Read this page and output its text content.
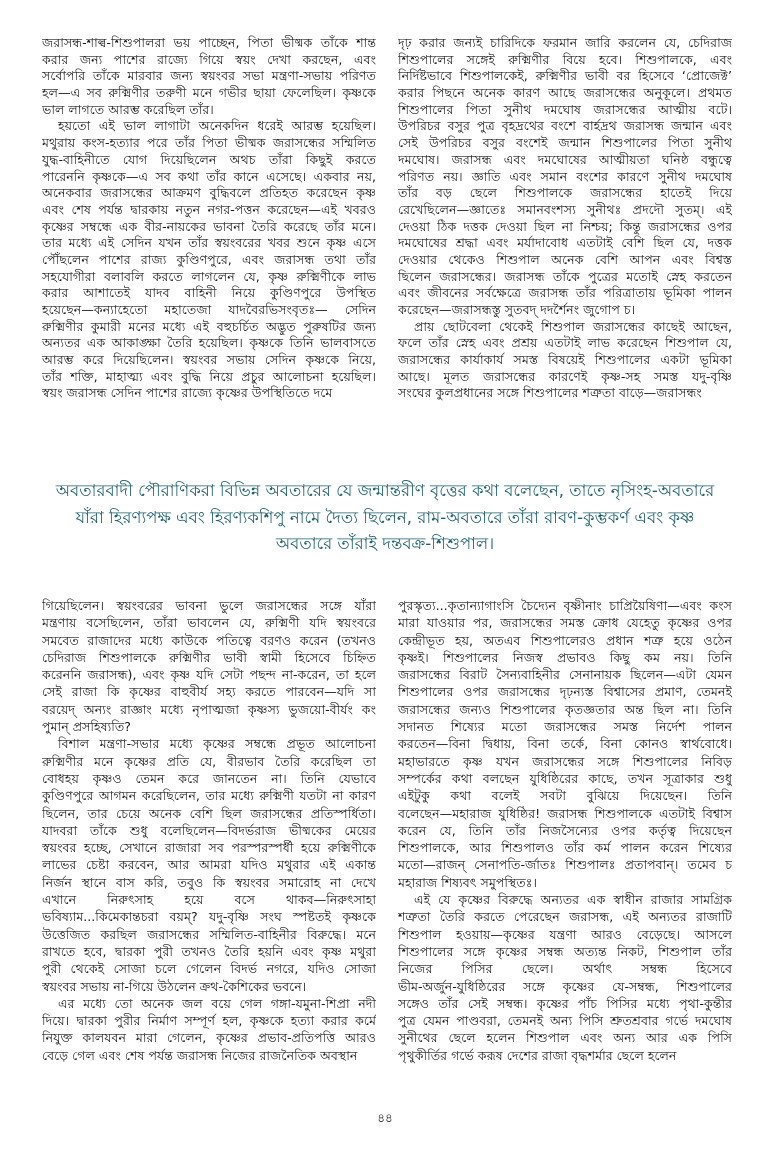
জরাসন্ধ-শাল্ব-শিশুপালরা ভয় পাচ্ছেন, পিতা ভীষ্মক তাঁকে শান্ত
করার জন্য পাশের রাজ্যে গিয়ে স্বয়ং দেখা করছেন, এবং
সর্বোপরি তাঁকে মারবার জন্য স্বয়ংবর সভা মন্ত্রণা-সভায় পরিণত
হল—এ সব রুক্মিণীর তরুণী মনে গভীর ছায়া ফেলেছিল। কৃষ্ণকে
ভাল লাগতে আরম্ভ করেছিল তাঁর।
হয়তো এই ভাল লাগাটা অনেকদিন ধরেই আরম্ভ হয়েছিল।
মথুরায় কংস-হত্যার পরে তাঁর পিতা ভীষ্মক জরাসন্ধের সম্মিলিত
যুদ্ধ-বাহিনীতে যোগ দিয়েছিলেন অথচ তাঁরা কিছুই করতে
পারেননি কৃষ্ণকে—এ সব কথা তাঁর কানে এসেছে। একবার নয়,
অনেকবার জরাসন্ধের আক্রমণ বুদ্ধিবলে প্রতিহত করেছেন কৃষ্ণ
এবং শেষ পর্যন্ত দ্বারকায় নতুন নগর-পত্তন করেছেন—এই খবরও
কৃষ্ণের সম্বন্ধে এক বীর-নায়কের ভাবনা তৈরি করেছে তাঁর মনে।
তার মধ্যে এই সেদিন যখন তাঁর স্বয়ংবরের খবর শুনে কৃষ্ণ এসে
পৌঁছলেন পাশের রাজ্য কুণ্ডিণপুরে, এবং জরাসন্ধ তথা তাঁর
সহযোগীরা বলাবলি করতে লাগলেন যে, কৃষ্ণ রুক্মিণীকে লাভ
করার আশাতেই যাদব বাহিনী নিয়ে কুণ্ডিণপুরে উপস্থিত
হয়েছেন—কন্যাহেতো মহাতেজা যাদবৈরভিসংবৃতঃ— সেদিন
রুক্মিণীর কুমারী মনের মধ্যে এই বহুচর্চিত অদ্ভুত পুরুষটির জন্য
অন্যতর এক আকাঙ্ক্ষা তৈরি হয়েছিল। কৃষ্ণকে তিনি ভালবাসতে
আরম্ভ করে দিয়েছিলেন। স্বয়ংবর সভায় সেদিন কৃষ্ণকে নিয়ে,
তাঁর শক্তি, মাহাত্ম্য এবং বুদ্ধি নিয়ে প্রচুর আলোচনা হয়েছিল।
স্বয়ং জরাসন্ধ সেদিন পাশের রাজ্যে কৃষ্ণের উপস্থিতিতে দমে
দৃঢ় করার জন্যই চারিদিকে ফরমান জারি করলেন যে, চেদিরাজ
শিশুপালের সঙ্গেই রুক্মিণীর বিয়ে হবে। শিশুপালকে, এবং
নির্দিষ্টভাবে শিশুপালকেই, রুক্মিণীর ভাবী বর হিসেবে ‘প্রোজেক্ট’
করার পিছনে অনেক কারণ আছে জরাসন্ধের অনুকূলে। প্রথমত
শিশুপালের পিতা সুনীথ দমঘোষ জরাসন্ধের আত্মীয় বটে।
উপরিচর বসুর পুত্র বৃহদ্রথের বংশে বার্হদ্রথ জরাসন্ধ জন্মান এবং
সেই উপরিচর বসুর বংশেই জন্মান শিশুপালের পিতা সুনীথ
দমঘোষ। জরাসন্ধ এবং দমঘোষের আত্মীয়তা ঘনিষ্ঠ বন্ধুত্বে
পরিণত নয়। জ্ঞাতি এবং সমান বংশের কারণে সুনীথ দমঘোষ
তাঁর বড় ছেলে শিশুপালকে জরাসন্ধের হাতেই দিয়ে
রেখেছিলেন—জ্ঞাতেঃ সমানবংশস্য সুনীথঃ প্রদদৌ সুতম্। এই
দেওয়া ঠিক দত্তক দেওয়া ছিল না নিশ্চয়; কিন্তু জরাসন্ধের ওপর
দমঘোষের শ্রদ্ধা এবং মর্যাদাবোধ এতটাই বেশি ছিল যে, দত্তক
দেওয়ার থেকেও শিশুপাল অনেক বেশি আপন এবং বিশ্বস্ত
ছিলেন জরাসন্ধের। জরাসন্ধ তাঁকে পুত্রের মতোই স্নেহ করতেন
এবং জীবনের সর্বক্ষেত্রে জরাসন্ধ তাঁর পরিত্রাতায় ভূমিকা পালন
করেছেন—জরাসন্ধস্তু সুতবদ্ দদর্শৈনং জুগোপ চ।
প্রায় ছোটবেলা থেকেই শিশুপাল জরাসন্ধের কাছেই আছেন,
ফলে তাঁর স্নেহ এবং প্রশ্রয় এতটাই লাভ করেছেন শিশুপাল যে,
জরাসন্ধের কার্যাকার্য সমস্ত বিষয়েই শিশুপালের একটা ভূমিকা
আছে। মূলত জরাসন্ধের কারণেই কৃষ্ণ-সহ সমস্ত যদু-বৃষ্ণি
সংঘের কুলপ্রধানের সঙ্গে শিশুপালের শত্রুতা বাড়ে—জরাসন্ধং
অবতারবাদী পৌরাণিকরা বিভিন্ন অবতারের যে জন্মান্তরীণ বৃত্তের কথা বলেছেন, তাতে নৃসিংহ-অবতারে
যাঁরা হিরণ্যপক্ষ এবং হিরণ্যকশিপু নামে দৈত্য ছিলেন, রাম-অবতারে তাঁরা রাবণ-কুম্ভকর্ণ এবং কৃষ্ণ
অবতারে তাঁরাই দন্তবক্র-শিশুপাল।
গিয়েছিলেন। স্বয়ংবরের ভাবনা ভুলে জরাসন্ধের সঙ্গে যাঁরা
মন্ত্রণায় বসেছিলেন, তাঁরা ভাবলেন যে, রুক্মিণী যদি স্বয়ংবরে
সমবেত রাজাদের মধ্যে কাউকে পতিত্বে বরণও করেন (তখনও
চেদিরাজ শিশুপালকে রুক্মিণীর ভাবী স্বামী হিসেবে চিহ্নিত
করেননি জরাসন্ধ), এবং কৃষ্ণ যদি সেটা পছন্দ না-করেন, তা হলে
সেই রাজা কি কৃষ্ণের বাহুবীর্য সহ্য করতে পারবেন—যদি সা
বরয়েদ্ অন্যং রাজ্ঞাং মধ্যে নৃপাত্মজা কৃষ্ণস্য ভুজয়ো-বীর্যং কং
পুমান্ প্রসহিষ্যতি?
বিশাল মন্ত্রণা-সভার মধ্যে কৃষ্ণের সম্বন্ধে প্রভূত আলোচনা
রুক্মিণীর মনে কৃষ্ণের প্রতি যে, বীরভাব তৈরি করেছিল তা
বোধহয় কৃষ্ণও তেমন করে জানতেন না। তিনি যেভাবে
কুণ্ডিণপুরে আগমন করেছিলেন, তার মধ্যে রুক্মিণী যতটা না কারণ
ছিলেন, তার চেয়ে অনেক বেশি ছিল জরাসন্ধের প্রতিস্পর্ধিতা।
যাদবরা তাঁকে শুধু বলেছিলেন—বিদর্ভরাজ ভীষ্মকের মেয়ের
স্বয়ংবর হচ্ছে, সেখানে রাজারা সব পরস্পরস্পর্ধী হয়ে রুক্মিণীকে
লাভের চেষ্টা করবেন, আর আমরা যদিও মথুরার এই একান্ত
নির্জন স্থানে বাস করি, তবুও কি স্বয়ংবর সমারোহ না দেখে
এখানে নিরুৎসাহ হয়ে বসে থাকব—নিরুৎসাহা
ভবিষ্যাম...কিমেকান্তচরা বয়ম্? যদু-বৃষ্ণি সংঘ স্পষ্টতই কৃষ্ণকে
উত্তেজিত করছিল জরাসন্ধের সম্মিলিত-বাহিনীর বিরুদ্ধে। মনে
রাখতে হবে, দ্বারকা পুরী তখনও তৈরি হয়নি এবং কৃষ্ণ মথুরা
পুরী থেকেই সোজা চলে গেলেন বিদর্ভ নগরে, যদিও সোজা
স্বয়ংবর সভায় না-গিয়ে উঠলেন ক্রথ-কৈশিকের ভবনে।
এর মধ্যে তো অনেক জল বয়ে গেল গঙ্গা-যমুনা-শিপ্রা নদী
দিয়ে। দ্বারকা পুরীর নির্মাণ সম্পূর্ণ হল, কৃষ্ণকে হত্যা করার কর্মে
নিযুক্ত কালযবন মারা গেলেন, কৃষ্ণের প্রভাব-প্রতিপত্তি আরও
বেড়ে গেল এবং শেষ পর্যন্ত জরাসন্ধ নিজের রাজনৈতিক অবস্থান
পুরস্কৃত্য...কৃতান্যাগাংসি চৈদ্যেন বৃষ্ণীনাং চাপ্রিয়ৈষিণা—এবং কংস
মারা যাওয়ার পর, জরাসন্ধের সমস্ত ক্রোধ যেহেতু কৃষ্ণের ওপর
কেন্দ্রীভূত হয়, অতএব শিশুপালেরও প্রধান শত্রু হয়ে ওঠেন
কৃষ্ণই। শিশুপালের নিজস্ব প্রভাবও কিছু কম নয়। তিনি
জরাসন্ধের বিরাট সৈন্যবাহিনীর সেনানায়ক ছিলেন—এটা যেমন
শিশুপালের ওপর জরাসন্ধের দৃঢ়ন্যস্ত বিশ্বাসের প্রমাণ, তেমনই
জরাসন্ধের জন্যও শিশুপালের কৃতজ্ঞতার অন্ত ছিল না। তিনি
সদানত শিষ্যের মতো জরাসন্ধের সমস্ত নির্দেশ পালন
করতেন—বিনা দ্বিধায়, বিনা তর্কে, বিনা কোনও স্বার্থবোধে।
মহাভারতে কৃষ্ণ যখন জরাসন্ধের সঙ্গে শিশুপালের নিবিড়
সম্পর্কের কথা বলছেন যুধিষ্ঠিরের কাছে, তখন সূত্রাকার শুধু
এইটুকু কথা বলেই সবটা বুঝিয়ে দিয়েছেন। তিনি
বলেছেন—মহারাজ যুধিষ্ঠির! জরাসন্ধ শিশুপালকে এতটাই বিশ্বাস
করেন যে, তিনি তাঁর নিজসৈন্যের ওপর কর্তৃত্ব দিয়েছেন
শিশুপালকে, আর শিশুপালও তাঁর কর্ম পালন করেন শিষ্যের
মতো—রাজন্ সেনাপতি-র্জাতঃ শিশুপালঃ প্রতাপবান্। তমেব চ
মহারাজ শিষ্যবৎ সমুপস্থিতঃ।
এই যে কৃষ্ণের বিরুদ্ধে অন্যতর এক স্বাধীন রাজার সামগ্রিক
শত্রুতা তৈরি করতে পেরেছেন জরাসন্ধ, এই অন্যতর রাজাটি
শিশুপাল হওয়ায়—কৃষ্ণের যন্ত্রণা আরও বেড়েছে। আসলে
শিশুপালের সঙ্গে কৃষ্ণের সম্বন্ধ অত্যন্ত নিকট, শিশুপাল তাঁর
নিজের পিসির ছেলে। অর্থাৎ সম্বন্ধ হিসেবে
ভীম-অর্জুন-যুধিষ্ঠিরের সঙ্গে কৃষ্ণের যে-সম্বন্ধ, শিশুপালের
সঙ্গেও তাঁর সেই সম্বন্ধ। কৃষ্ণের পাঁচ পিসির মধ্যে পৃথা-কুন্তীর
পুত্র যেমন পাণ্ডবরা, তেমনই অন্য পিসি শ্রুতশ্রবার গর্ভে দমঘোষ
সুনীথের ছেলে হলেন শিশুপাল এবং অন্য আর এক পিসি
পৃথুকীর্তির গর্ভে করূষ দেশের রাজা বৃদ্ধশর্মার ছেলে হলেন
৪৪
